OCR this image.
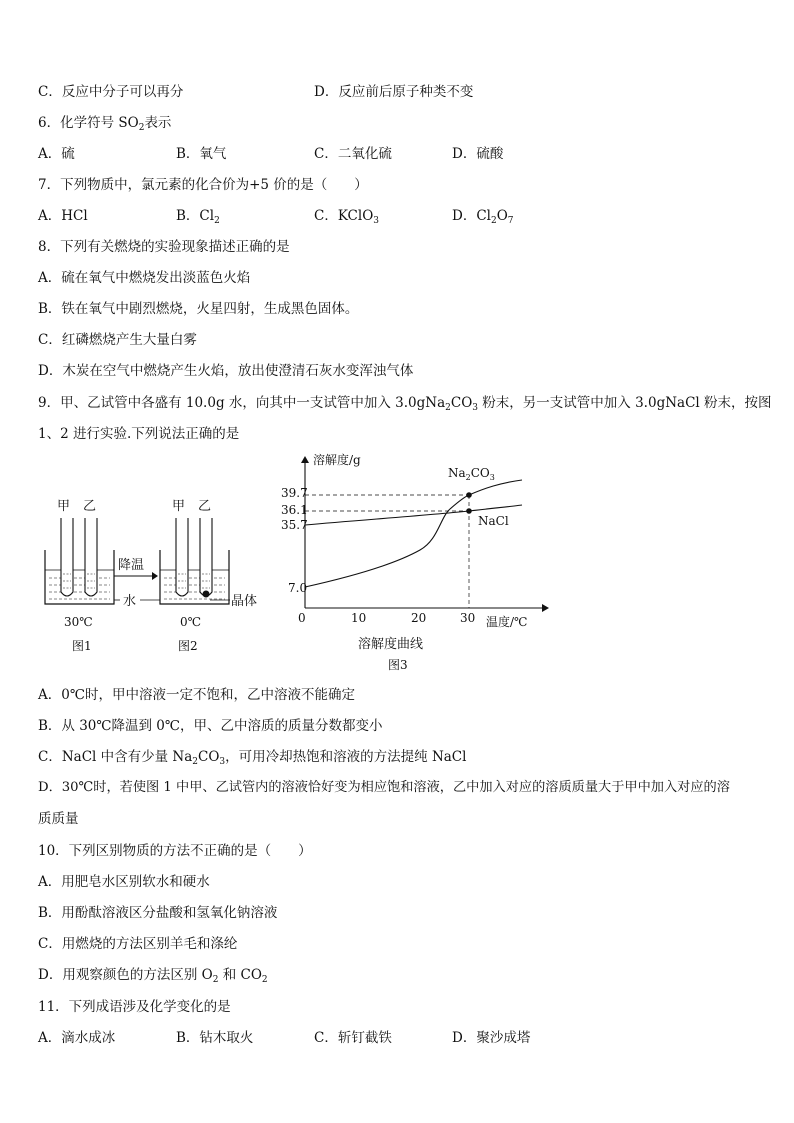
C．反应中分子可以再分	D．反应前后原子种类不变
6．化学符号 $SO_2$表示
A．硫	B．氧气	C．二氧化硫	D．硫酸
7．下列物质中，氯元素的化合价为+5 价的是（　　）
A．HCl	B．$Cl_2$	C．KClO$_3$	D．$Cl_2O_7$
8．下列有关燃烧的实验现象描述正确的是
A．硫在氧气中燃烧发出淡蓝色火焰
B．铁在氧气中剧烈燃烧，火星四射，生成黑色固体。
C．红磷燃烧产生大量白雾
D．木炭在空气中燃烧产生火焰，放出使澄清石灰水变浑浊气体
9．甲、乙试管中各盛有 10.0g 水，向其中一支试管中加入 $3.0gNa_2CO_3$ 粉末，另一支试管中加入 3.0gNaCl 粉末，按图
1、2 进行实验.下列说法正确的是
甲 乙
30℃
图1
降温
水
甲 乙
晶体
0℃
图2
溶解度/g
温度/℃
0	10	20	30
7.0
35.7
36.1
39.7
$Na_2CO_3$
NaCl
溶解度曲线
图3
A．0℃时，甲中溶液一定不饱和，乙中溶液不能确定
B．从 30℃降温到 0℃，甲、乙中溶质的质量分数都变小
C．NaCl 中含有少量 $Na_2CO_3$，可用冷却热饱和溶液的方法提纯 NaCl
D．30℃时，若使图 1 中甲、乙试管内的溶液恰好变为相应饱和溶液，乙中加入对应的溶质质量大于甲中加入对应的溶
质质量
10．下列区别物质的方法不正确的是（　　）
A．用肥皂水区别软水和硬水
B．用酚酞溶液区分盐酸和氢氧化钠溶液
C．用燃烧的方法区别羊毛和涤纶
D．用观察颜色的方法区别 $O_2$ 和 $CO_2$
11．下列成语涉及化学变化的是
A．滴水成冰	B．钻木取火	C．斩钉截铁	D．聚沙成塔
